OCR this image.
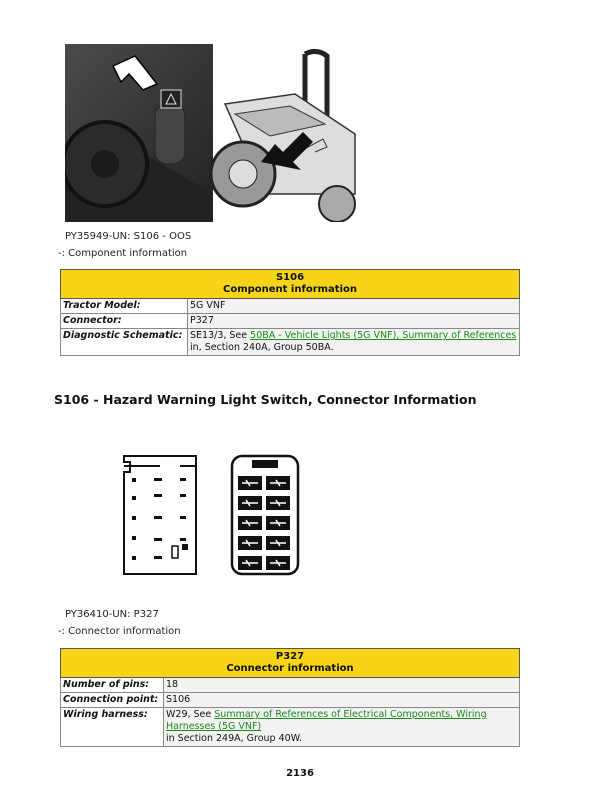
PY35949-UN: S106 - OOS
-: Component information
S106
Component information	

Tractor Model:	5G VNF
Connector:	P327
Diagnostic Schematic:	SE13/3, See 50BA - Vehicle Lights (5G VNF), Summary of References
in, Section 240A, Group 50BA.
S106 - Hazard Warning Light Switch, Connector Information
PY36410-UN: P327
-: Connector information
P327
Connector information	

Number of pins:	18
Connection point:	S106
Wiring harness:	W29, See Summary of References of Electrical Components, Wiring Harnesses (5G VNF)
in Section 249A, Group 40W.
2136
